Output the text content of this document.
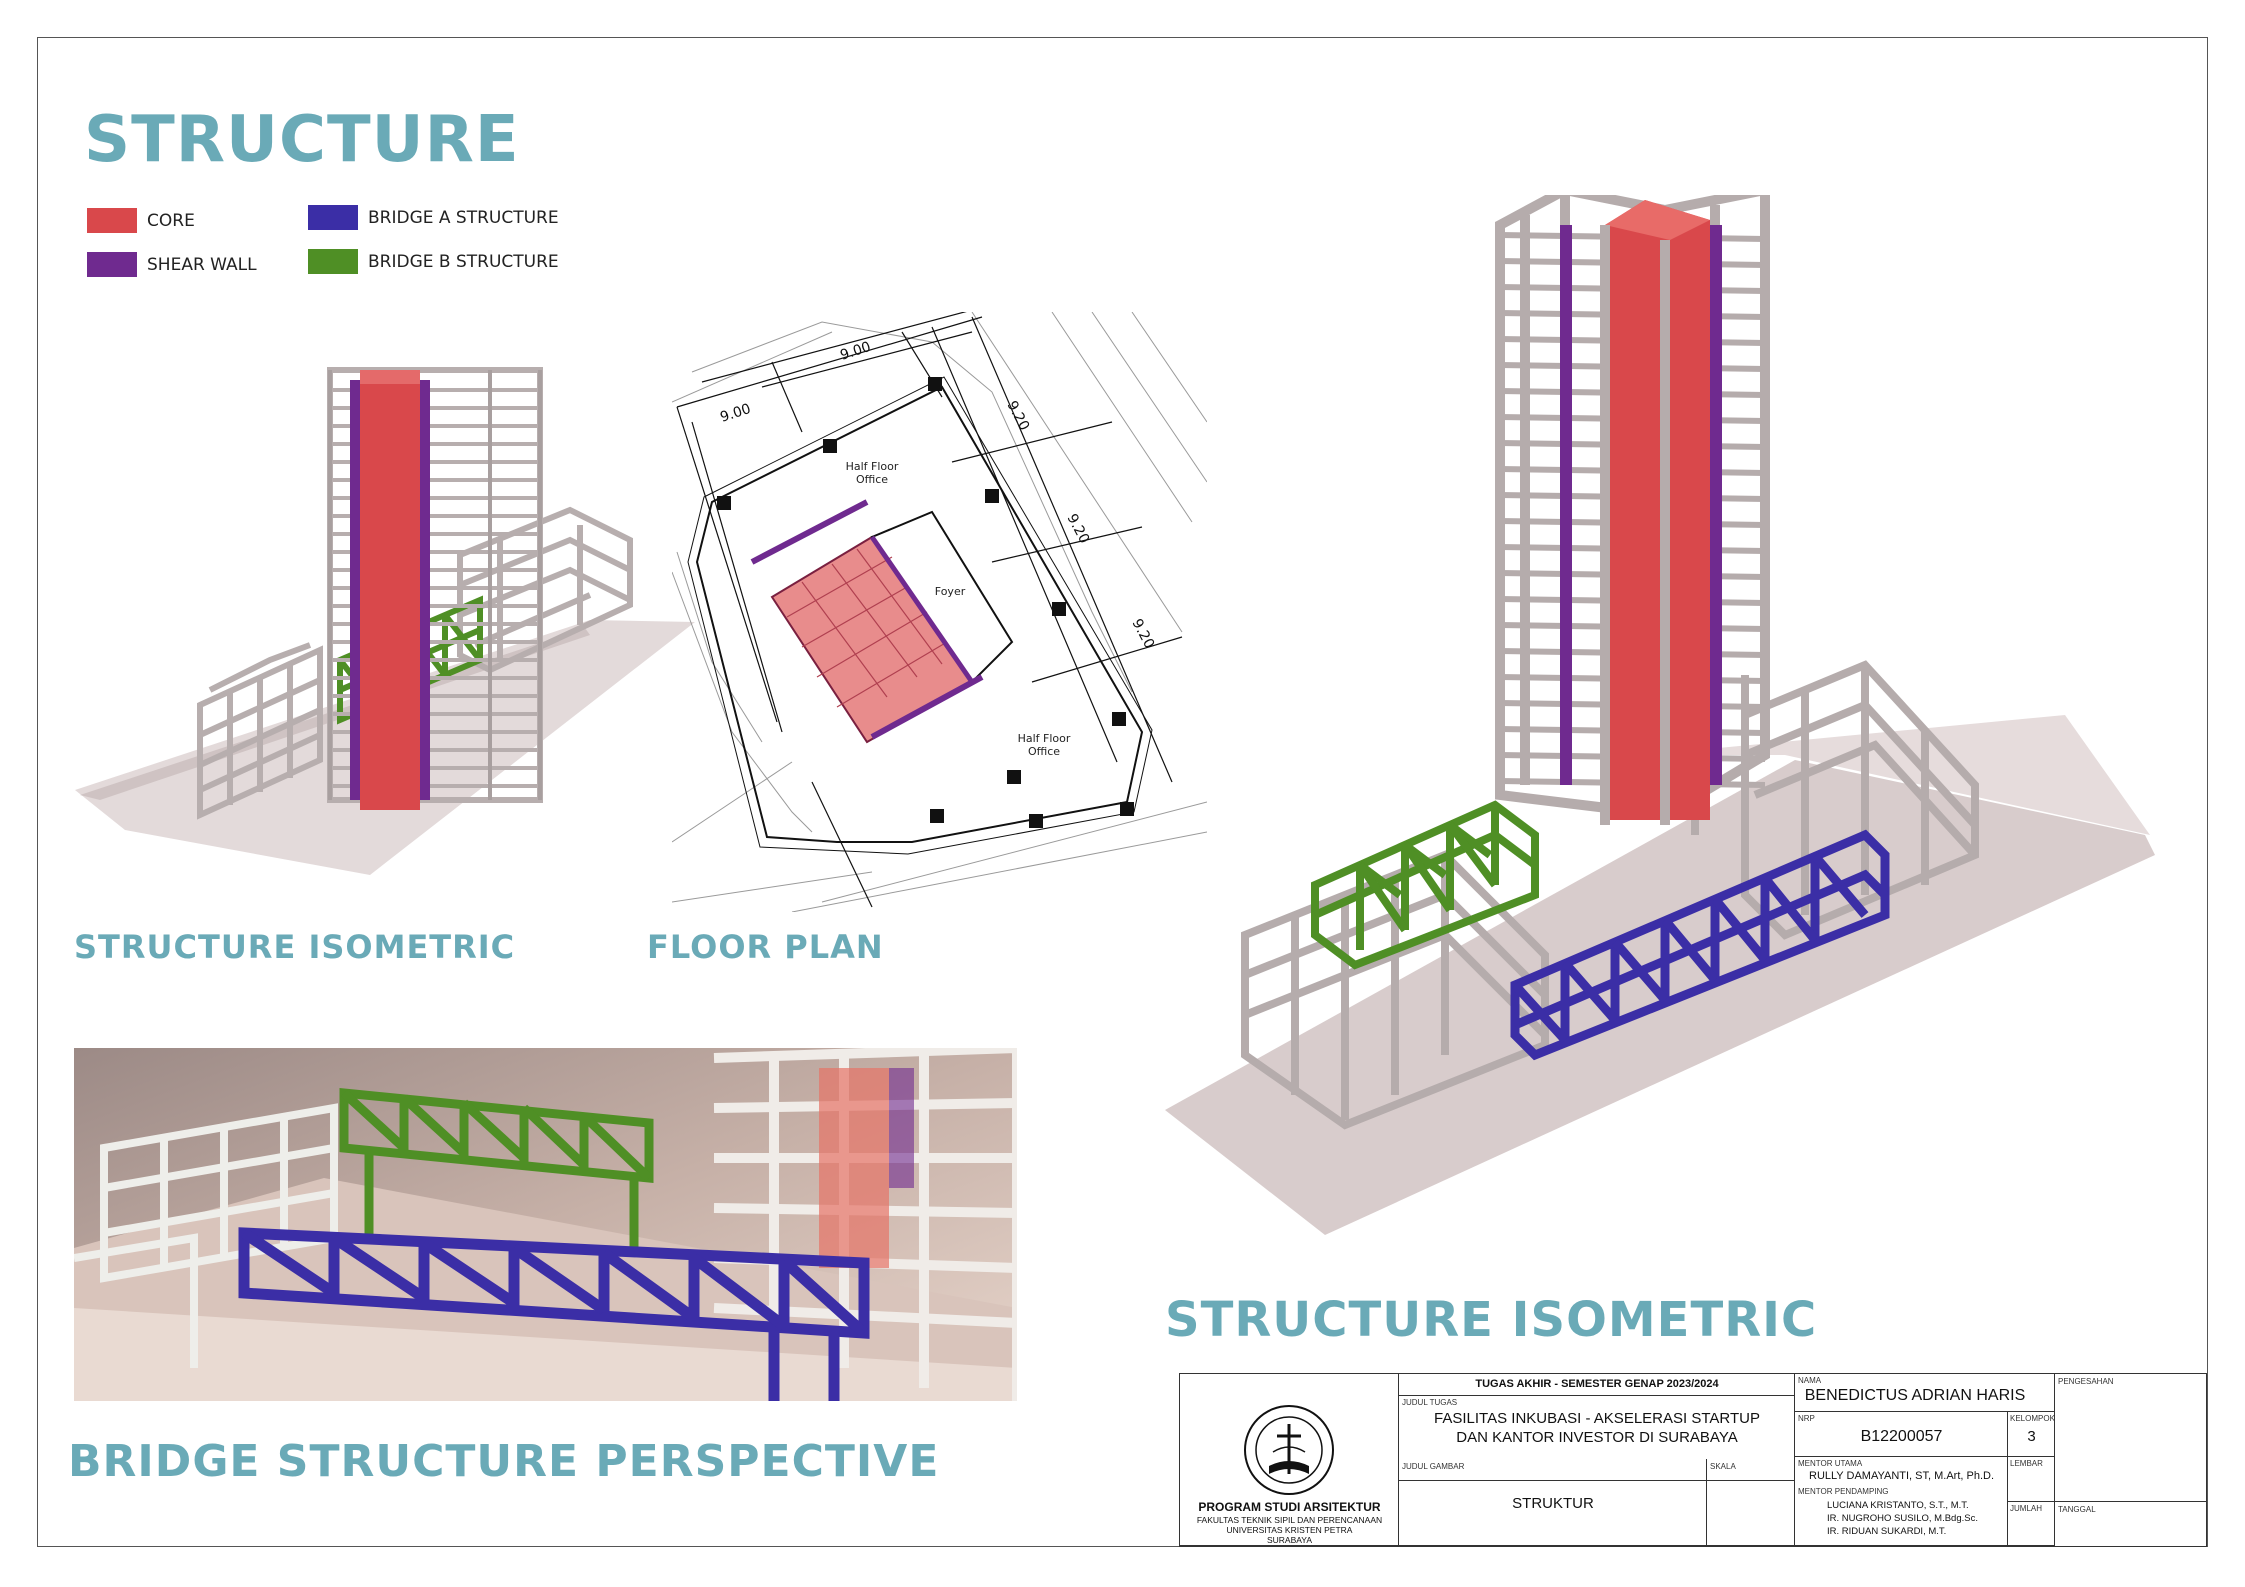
STRUCTURE
CORE
SHEAR WALL
BRIDGE A STRUCTURE
BRIDGE B STRUCTURE
9.00
9.00
9.20
9.20
9.20
Half Floor
Office
Foyer
Half Floor
Office
STRUCTURE ISOMETRIC	FLOOR PLAN
BRIDGE STRUCTURE PERSPECTIVE
STRUCTURE ISOMETRIC
PROGRAM STUDI ARSITEKTUR
FAKULTAS TEKNIK SIPIL DAN PERENCANAAN
UNIVERSITAS KRISTEN PETRA
SURABAYA
TUGAS AKHIR - SEMESTER GENAP 2023/2024
JUDUL TUGAS
FASILITAS INKUBASI - AKSELERASI STARTUP
DAN KANTOR INVESTOR DI SURABAYA
JUDUL GAMBAR
STRUKTUR
SKALA
NAMA
BENEDICTUS ADRIAN HARIS
NRP
B12200057
KELOMPOK
3
MENTOR UTAMA
RULLY DAMAYANTI, ST, M.Art, Ph.D.
MENTOR PENDAMPING
LUCIANA KRISTANTO, S.T., M.T.
IR. NUGROHO SUSILO, M.Bdg.Sc.
IR. RIDUAN SUKARDI, M.T.
LEMBAR
JUMLAH
PENGESAHAN
TANGGAL
